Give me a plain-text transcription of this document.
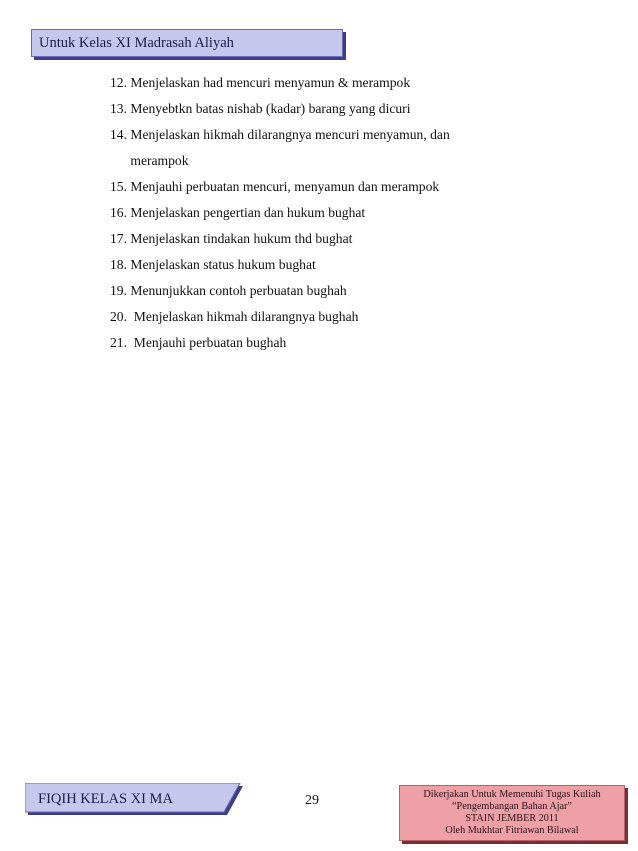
Untuk Kelas XI Madrasah Aliyah
12. Menjelaskan had mencuri menyamun & merampok
13. Menyebtkn batas nishab (kadar) barang yang dicuri
14. Menjelaskan hikmah dilarangnya mencuri menyamun, dan
merampok
15. Menjauhi perbuatan mencuri, menyamun dan merampok
16. Menjelaskan pengertian dan hukum bughat
17. Menjelaskan tindakan hukum thd bughat
18. Menjelaskan status hukum bughat
19. Menunjukkan contoh perbuatan bughah
20.  Menjelaskan hikmah dilarangnya bughah
21.  Menjauhi perbuatan bughah
FIQIH KELAS XI MA	29	Dikerjakan Untuk Memenuhi Tugas Kuliah
“Pengembangan Bahan Ajar”
STAIN JEMBER 2011
Oleh Mukhtar Fitriawan Bilawal
